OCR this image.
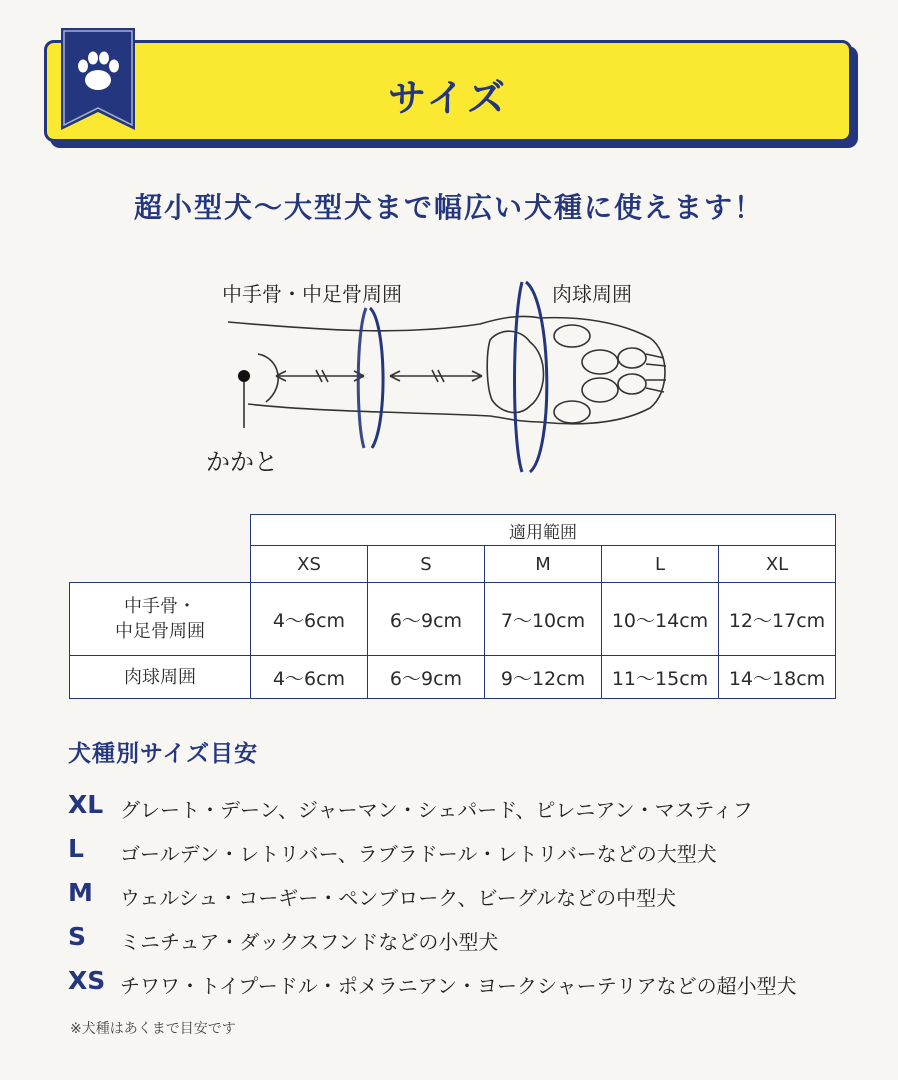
サイズ
超小型犬〜大型犬まで幅広い犬種に使えます！
中手骨・中足骨周囲	肉球周囲
かかと
	適用範囲				
	XS	S	M	L	XL
中手骨・
中足骨周囲	4〜6cm	6〜9cm	7〜10cm	10〜14cm	12〜17cm
肉球周囲	4〜6cm	6〜9cm	9〜12cm	11〜15cm	14〜18cm
犬種別サイズ目安
XL グレート・デーン、ジャーマン・シェパード、ピレニアン・マスティフ
L ゴールデン・レトリバー、ラブラドール・レトリバーなどの大型犬
M ウェルシュ・コーギー・ペンブローク、ビーグルなどの中型犬
S ミニチュア・ダックスフンドなどの小型犬
XS チワワ・トイプードル・ポメラニアン・ヨークシャーテリアなどの超小型犬
※犬種はあくまで目安です
